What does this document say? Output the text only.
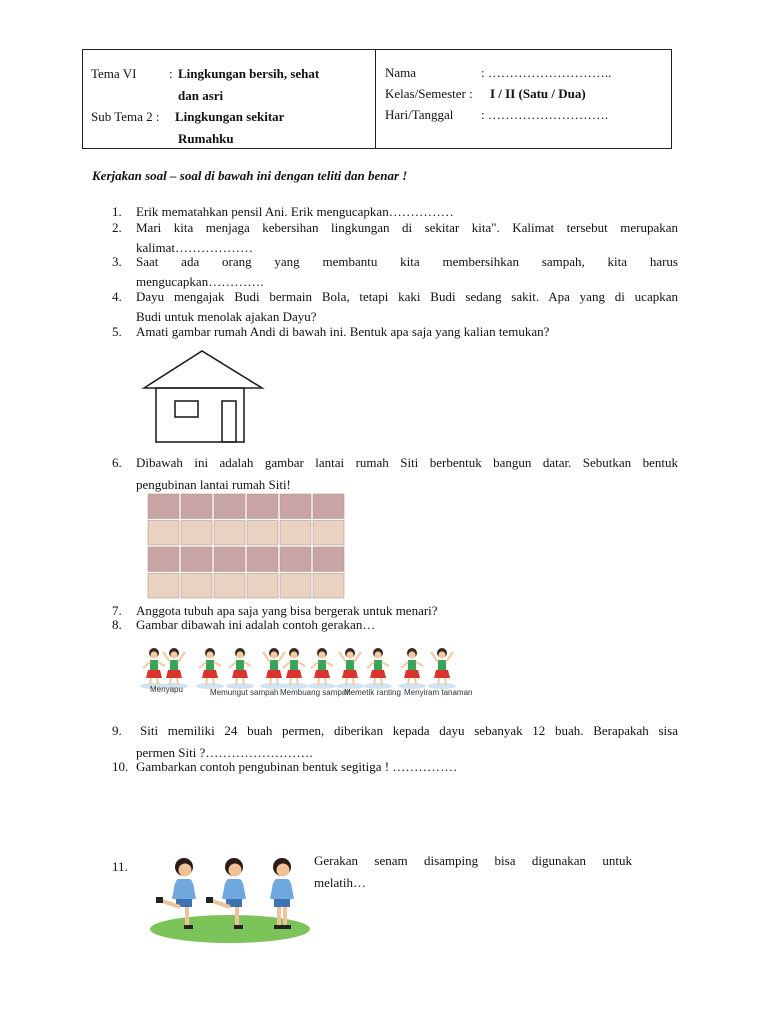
Tema VI	: Lingkungan bersih, sehat
dan asri
Sub Tema 2 : Lingkungan sekitar
Rumahku
Nama	: ………………………..
Kelas/Semester : I / II (Satu / Dua)
Hari/Tanggal : ……………………….
Kerjakan soal – soal di bawah ini dengan teliti dan benar !
1.	Erik mematahkan pensil Ani. Erik mengucapkan……………
2.	Mari kita menjaga kebersihan lingkungan di sekitar kita". Kalimat tersebut merupakan
kalimat………………
3.	Saat ada orang yang membantu kita membersihkan sampah, kita harus
mengucapkan………….
4.	Dayu mengajak Budi bermain Bola, tetapi kaki Budi sedang sakit. Apa yang di ucapkan
Budi untuk menolak ajakan Dayu?
5.	Amati gambar rumah Andi di bawah ini. Bentuk apa saja yang kalian temukan?
6.	Dibawah ini adalah gambar lantai rumah Siti berbentuk bangun datar. Sebutkan bentuk
pengubinan lantai rumah Siti!
7.	Anggota tubuh apa saja yang bisa bergerak untuk menari?
8.	Gambar dibawah ini adalah contoh gerakan…
Menyapu	Memungut sampah Membuang sampah
Memetik ranting Menyiram tanaman
9.	Siti memiliki 24 buah permen, diberikan kepada dayu sebanyak 12 buah. Berapakah sisa
permen Siti ?…………………….
10. Gambarkan contoh pengubinan bentuk segitiga ! ……………
11.	Gerakan senam disamping bisa digunakan untuk
melatih…
